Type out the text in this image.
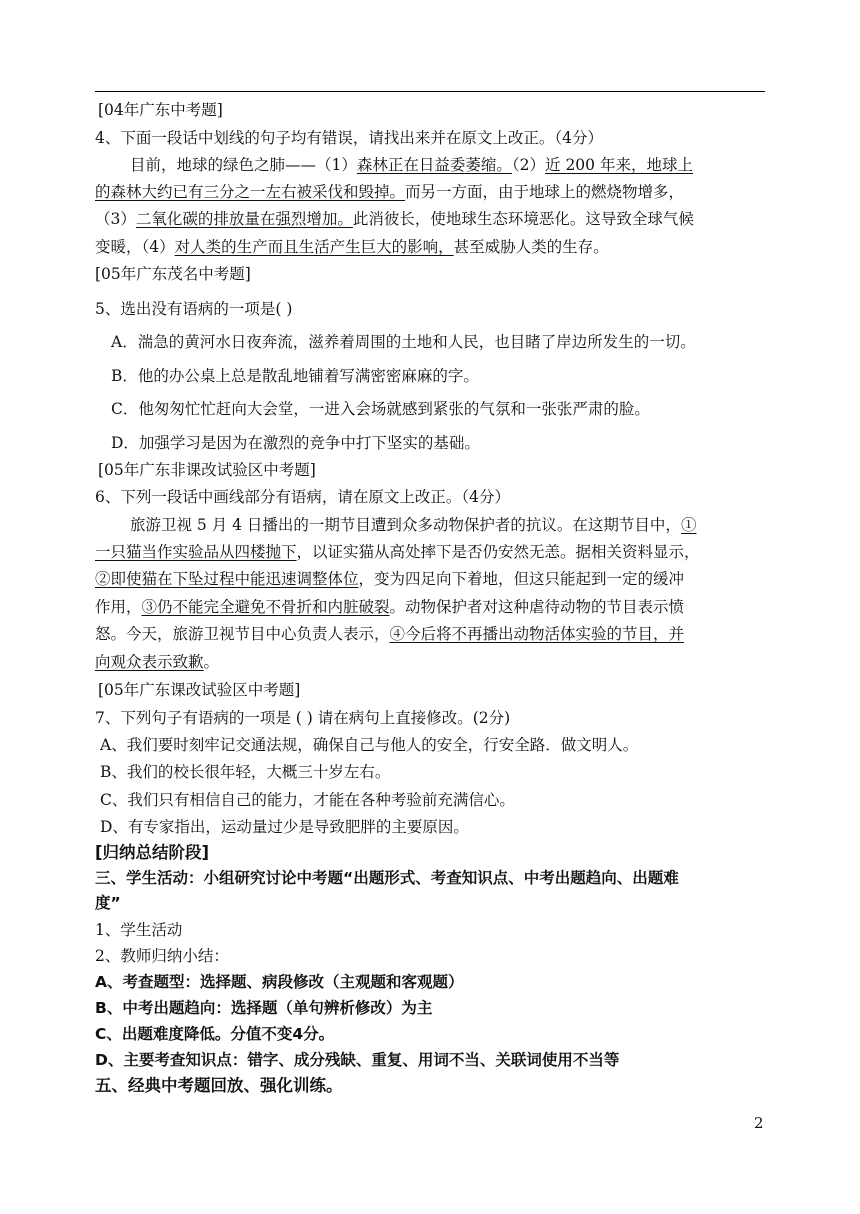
[04年广东中考题]
4、下面一段话中划线的句子均有错误，请找出来并在原文上改正。（4分）
目前，地球的绿色之肺——（1）森林正在日益委萎缩。（2）近 200 年来，地球上
的森林大约已有三分之一左右被采伐和毁掉。而另一方面，由于地球上的燃烧物增多，
（3）二氧化碳的排放量在强烈增加。此消彼长，使地球生态环境恶化。这导致全球气候
变暖，（4）对人类的生产而且生活产生巨大的影响，甚至威胁人类的生存。
[05年广东茂名中考题]
5、选出没有语病的一项是( )
A．湍急的黄河水日夜奔流，滋养着周围的土地和人民，也目睹了岸边所发生的一切。
B．他的办公桌上总是散乱地铺着写满密密麻麻的字。
C．他匆匆忙忙赶向大会堂，一进入会场就感到紧张的气氛和一张张严肃的脸。
D．加强学习是因为在激烈的竞争中打下坚实的基础。
[05年广东非课改试验区中考题]
6、下列一段话中画线部分有语病，请在原文上改正。（4分）
旅游卫视 5 月 4 日播出的一期节目遭到众多动物保护者的抗议。在这期节目中，①
一只猫当作实验品从四楼抛下，以证实猫从高处摔下是否仍安然无恙。据相关资料显示，
②即使猫在下坠过程中能迅速调整体位，变为四足向下着地，但这只能起到一定的缓冲
作用，③仍不能完全避免不骨折和内脏破裂。动物保护者对这种虐待动物的节目表示愤
怒。今天，旅游卫视节目中心负责人表示，④今后将不再播出动物活体实验的节目，并
向观众表示致歉。
[05年广东课改试验区中考题]
7、下列句子有语病的一项是 ( ) 请在病句上直接修改。(2分)
A、我们要时刻牢记交通法规，确保自己与他人的安全，行安全路．做文明人。
B、我们的校长很年轻，大概三十岁左右。
C、我们只有相信自己的能力，才能在各种考验前充满信心。
D、有专家指出，运动量过少是导致肥胖的主要原因。
[归纳总结阶段]
三、学生活动：小组研究讨论中考题“出题形式、考查知识点、中考出题趋向、出题难
度”
1、学生活动
2、教师归纳小结：
A、考查题型：选择题、病段修改（主观题和客观题）
B、中考出题趋向：选择题（单句辨析修改）为主
C、出题难度降低。分值不变4分。
D、主要考查知识点：错字、成分残缺、重复、用词不当、关联词使用不当等
五、经典中考题回放、强化训练。
2
